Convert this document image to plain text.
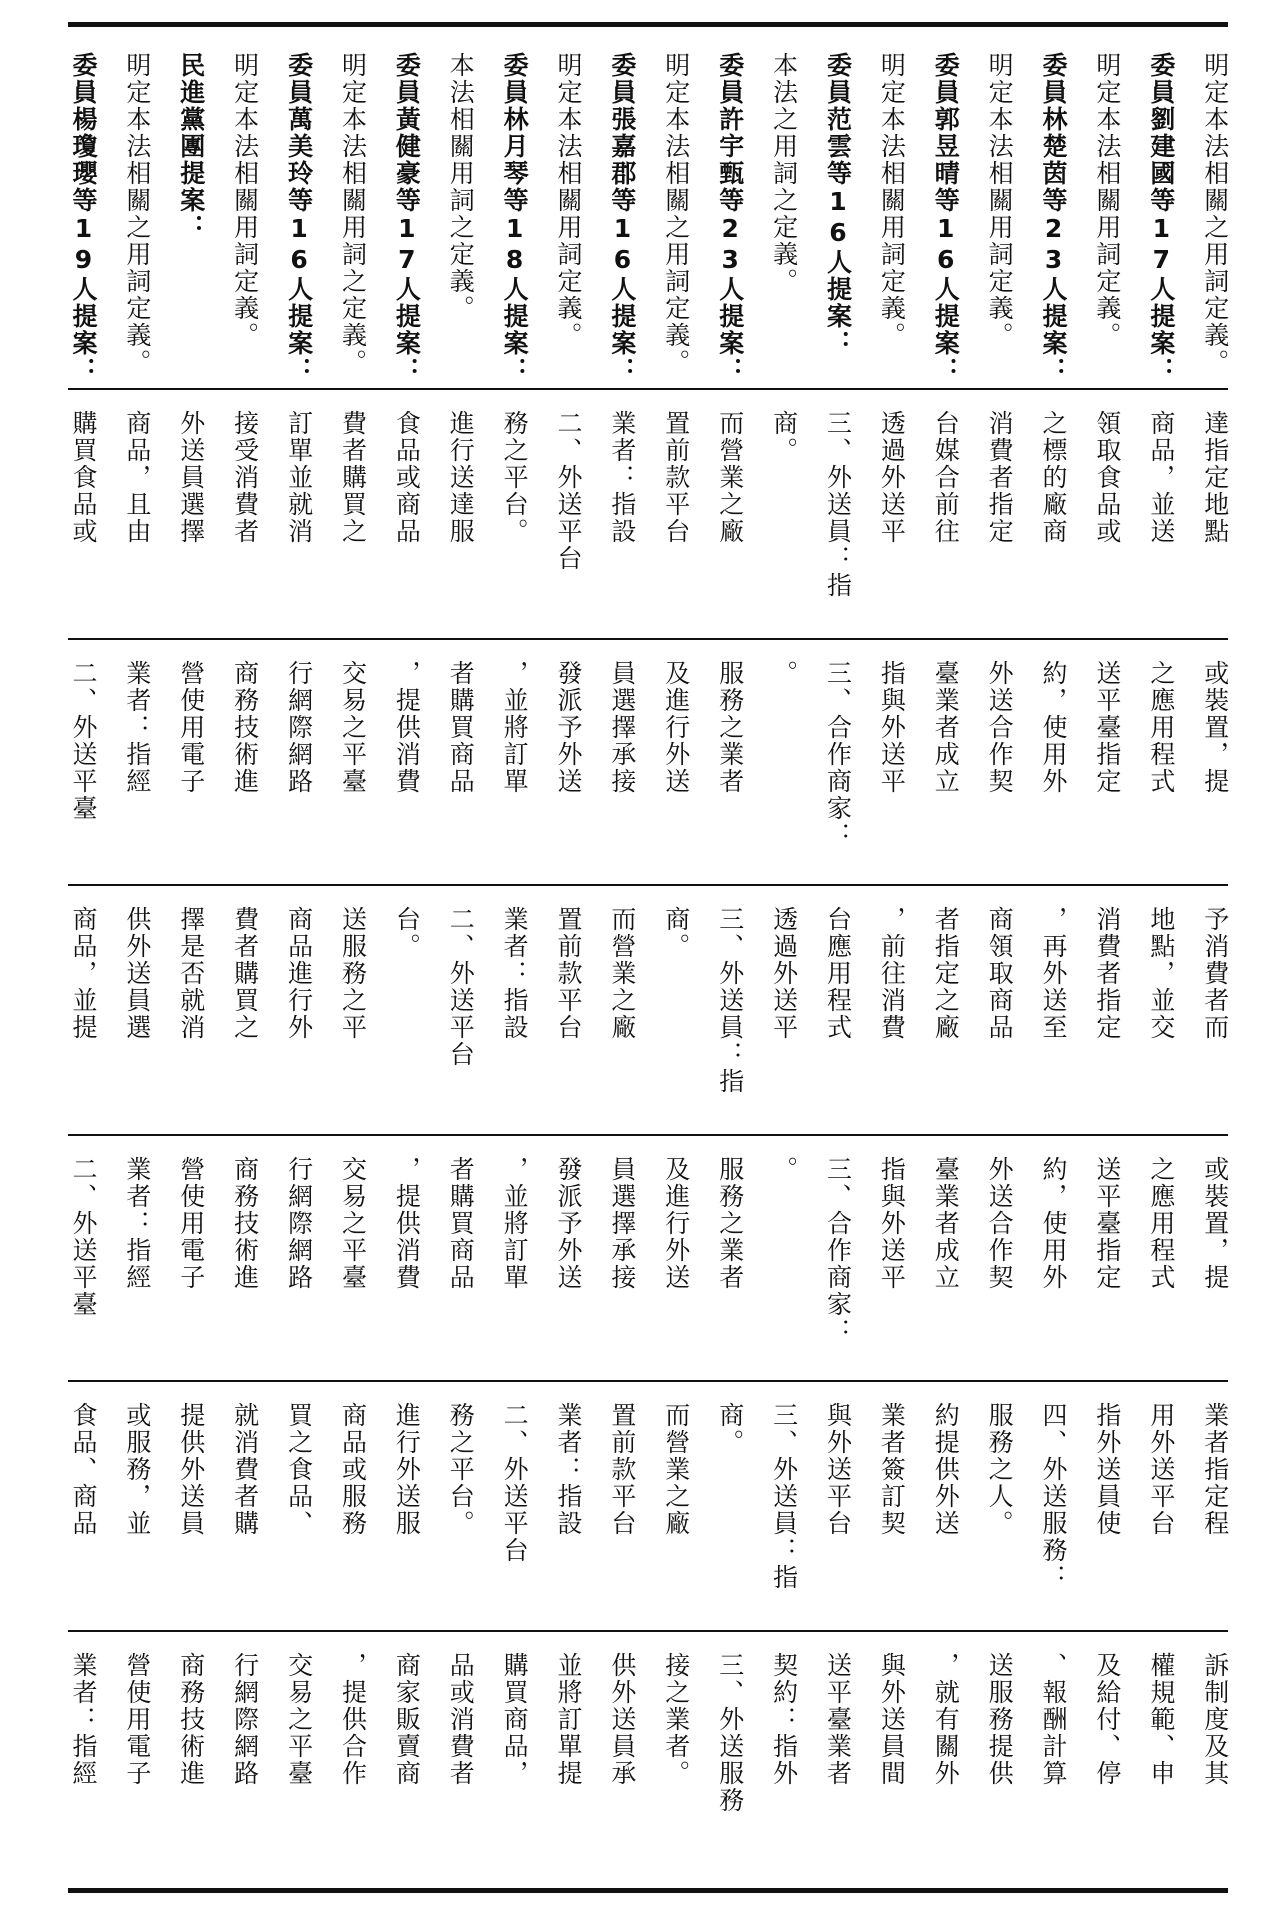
委員楊瓊瓔等19人提案： 明定本法相關之用詞定義。 民進黨團提案： 明定本法相關用詞定義。 委員萬美玲等16人提案： 明定本法相關用詞之定義。 委員黃健豪等17人提案： 本法相關用詞之定義。 委員林月琴等18人提案： 明定本法相關用詞定義。 委員張嘉郡等16人提案： 明定本法相關之用詞定義。 委員許宇甄等23人提案： 本法之用詞之定義。 委員范雲等16人提案： 明定本法相關用詞定義。 委員郭昱晴等16人提案： 明定本法相關用詞定義。 委員林楚茵等23人提案： 明定本法相關用詞定義。 委員劉建國等17人提案： 明定本法相關之用詞定義。
購買食品或 商品，且由 外送員選擇 接受消費者 訂單並就消 費者購買之 食品或商品 進行送達服 務之平台。 二、外送平台 業者：指設 置前款平台 而營業之廠 商。 三、外送員：指 透過外送平 台媒合前往 消費者指定 之標的廠商 領取食品或 商品，並送 達指定地點
二、外送平臺 業者：指經 營使用電子 商務技術進 行網際網路 交易之平臺 ，提供消費 者購買商品 ，並將訂單 發派予外送 員選擇承接 及進行外送 服務之業者 。 三、合作商家： 指與外送平 臺業者成立 外送合作契 約，使用外 送平臺指定 之應用程式 或裝置，提
商品，並提 供外送員選 擇是否就消 費者購買之 商品進行外 送服務之平 台。 二、外送平台 業者：指設 置前款平台 而營業之廠 商。 三、外送員：指 透過外送平 台應用程式 ，前往消費 者指定之廠 商領取商品 ，再外送至 消費者指定 地點，並交 予消費者而
二、外送平臺 業者：指經 營使用電子 商務技術進 行網際網路 交易之平臺 ，提供消費 者購買商品 ，並將訂單 發派予外送 員選擇承接 及進行外送 服務之業者 。 三、合作商家： 指與外送平 臺業者成立 外送合作契 約，使用外 送平臺指定 之應用程式 或裝置，提
食品、商品 或服務，並 提供外送員 就消費者購 買之食品、 商品或服務 進行外送服 務之平台。 二、外送平台 業者：指設 置前款平台 而營業之廠 商。 三、外送員：指 與外送平台 業者簽訂契 約提供外送 服務之人。 四、外送服務： 指外送員使 用外送平台 業者指定程
業者：指經 營使用電子 商務技術進 行網際網路 交易之平臺 ，提供合作 商家販賣商 品或消費者 購買商品， 並將訂單提 供外送員承 接之業者。 三、外送服務 契約：指外 送平臺業者 與外送員間 ，就有關外 送服務提供 、報酬計算 及給付、停 權規範、申 訴制度及其
